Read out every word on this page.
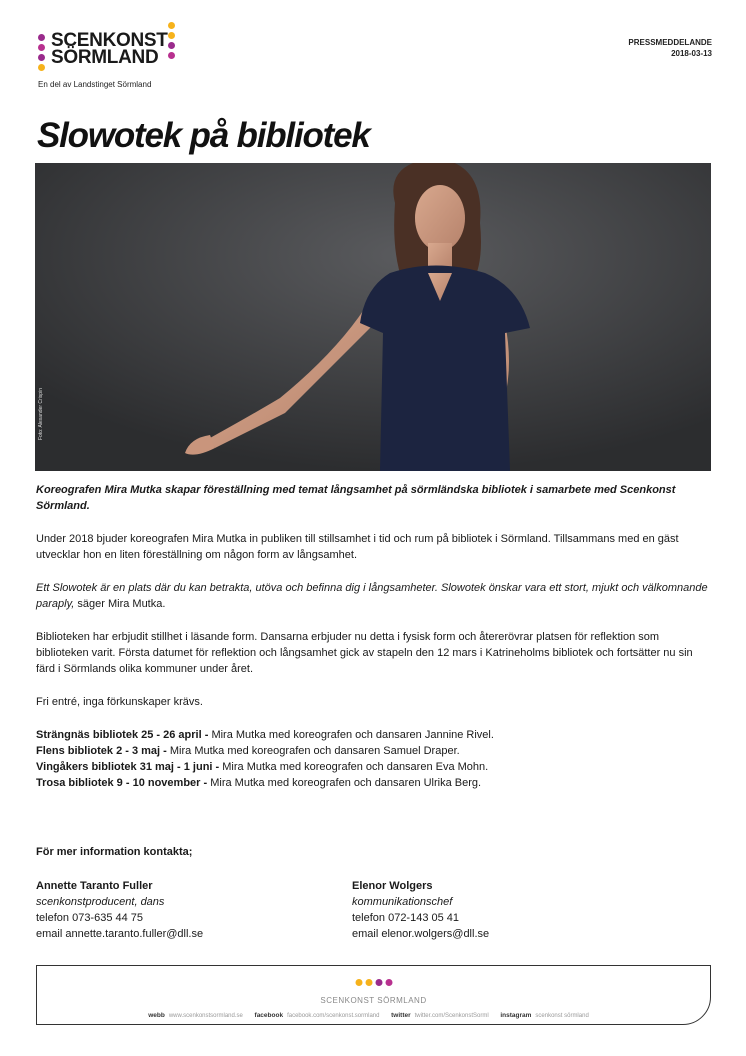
SCENKONST
SÖRMLAND
En del av Landstinget Sörmland
PRESSMEDDELANDE
2018-03-13
Slowotek på bibliotek
Foto: Alexander Crispin

Koreografen Mira Mutka skapar föreställning med temat långsamhet på sörmländska bibliotek i samarbete med Scenkonst Sörmland.

Under 2018 bjuder koreografen Mira Mutka in publiken till stillsamhet i tid och rum på bibliotek i Sörmland. Tillsammans med en gäst utvecklar hon en liten föreställning om någon form av långsamhet.

Ett Slowotek är en plats där du kan betrakta, utöva och befinna dig i långsamheter. Slowotek önskar vara ett stort, mjukt och välkomnande paraply, säger Mira Mutka.

Biblioteken har erbjudit stillhet i läsande form. Dansarna erbjuder nu detta i fysisk form och återerövrar platsen för reflektion som biblioteken varit. Första datumet för reflektion och långsamhet gick av stapeln den 12 mars i Katrineholms bibliotek och fortsätter nu sin färd i Sörmlands olika kommuner under året.

Fri entré, inga förkunskaper krävs.

Strängnäs bibliotek 25 - 26 april - Mira Mutka med koreografen och dansaren Jannine Rivel.
Flens bibliotek 2 - 3 maj - Mira Mutka med koreografen och dansaren Samuel Draper.
Vingåkers bibliotek 31 maj - 1 juni - Mira Mutka med koreografen och dansaren Eva Mohn.
Trosa bibliotek 9 - 10 november - Mira Mutka med koreografen och dansaren Ulrika Berg.
För mer information kontakta;
Annette Taranto Fuller
scenkonstproducent, dans
telefon 073-635 44 75
email annette.taranto.fuller@dll.se
Elenor Wolgers
kommunikationschef
telefon 072-143 05 41
email elenor.wolgers@dll.se
SCENKONST SÖRMLAND
webb www.scenkonstsormland.se facebook facebook.com/scenkonst.sormland twitter twitter.com/ScenkonstSorml instagram scenkonst sörmland
